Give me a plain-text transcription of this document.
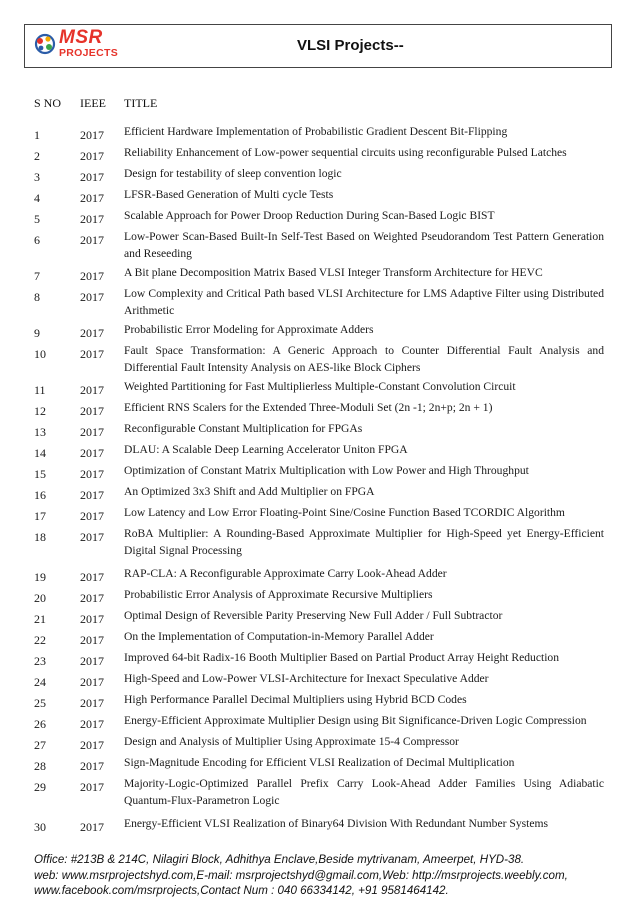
MSR
PROJECTS	VLSI Projects--
S NO IEEE TITLE
1	2017 Efficient Hardware Implementation of Probabilistic Gradient Descent Bit-Flipping
2	2017 Reliability Enhancement of Low-power sequential circuits using reconfigurable Pulsed Latches
3	2017 Design for testability of sleep convention logic
4	2017 LFSR-Based Generation of Multi cycle Tests
5	2017 Scalable Approach for Power Droop Reduction During Scan-Based Logic BIST
6	2017 Low-Power Scan-Based Built-In Self-Test Based on Weighted Pseudorandom Test Pattern Generation and Reseeding
7	2017 A Bit plane Decomposition Matrix Based VLSI Integer Transform Architecture for HEVC
8	2017 Low Complexity and Critical Path based VLSI Architecture for LMS Adaptive Filter using Distributed Arithmetic
9	2017 Probabilistic Error Modeling for Approximate Adders
10	2017 Fault Space Transformation: A Generic Approach to Counter Differential Fault Analysis and Differential Fault Intensity Analysis on AES-like Block Ciphers
11	2017 Weighted Partitioning for Fast Multiplierless Multiple-Constant Convolution Circuit
12	2017 Efficient RNS Scalers for the Extended Three-Moduli Set (2n -1; 2n+p; 2n + 1)
13	2017 Reconfigurable Constant Multiplication for FPGAs
14	2017 DLAU: A Scalable Deep Learning Accelerator Uniton FPGA
15	2017 Optimization of Constant Matrix Multiplication with Low Power and High Throughput
16	2017 An Optimized 3x3 Shift and Add Multiplier on FPGA
17	2017 Low Latency and Low Error Floating-Point Sine/Cosine Function Based TCORDIC Algorithm
18	2017 RoBA Multiplier: A Rounding-Based Approximate Multiplier for High-Speed yet Energy-Efficient Digital Signal Processing
19	2017 RAP-CLA: A Reconfigurable Approximate Carry Look-Ahead Adder
20	2017 Probabilistic Error Analysis of Approximate Recursive Multipliers
21	2017 Optimal Design of Reversible Parity Preserving New Full Adder / Full Subtractor
22	2017 On the Implementation of Computation-in-Memory Parallel Adder
23	2017 Improved 64-bit Radix-16 Booth Multiplier Based on Partial Product Array Height Reduction
24	2017 High-Speed and Low-Power VLSI-Architecture for Inexact Speculative Adder
25	2017 High Performance Parallel Decimal Multipliers using Hybrid BCD Codes
26	2017 Energy-Efficient Approximate Multiplier Design using Bit Significance-Driven Logic Compression
27	2017 Design and Analysis of Multiplier Using Approximate 15-4 Compressor
28	2017 Sign-Magnitude Encoding for Efficient VLSI Realization of Decimal Multiplication
29	2017 Majority-Logic-Optimized Parallel Prefix Carry Look-Ahead Adder Families Using Adiabatic Quantum-Flux-Parametron Logic
30	2017 Energy-Efficient VLSI Realization of Binary64 Division With Redundant Number Systems
Office: #213B & 214C, Nilagiri Block, Adhithya Enclave,Beside mytrivanam, Ameerpet, HYD-38.
web: www.msrprojectshyd.com,E-mail: msrprojectshyd@gmail.com,Web: http://msrprojects.weebly.com,
www.facebook.com/msrprojects,Contact Num : 040 66334142, +91 9581464142.
